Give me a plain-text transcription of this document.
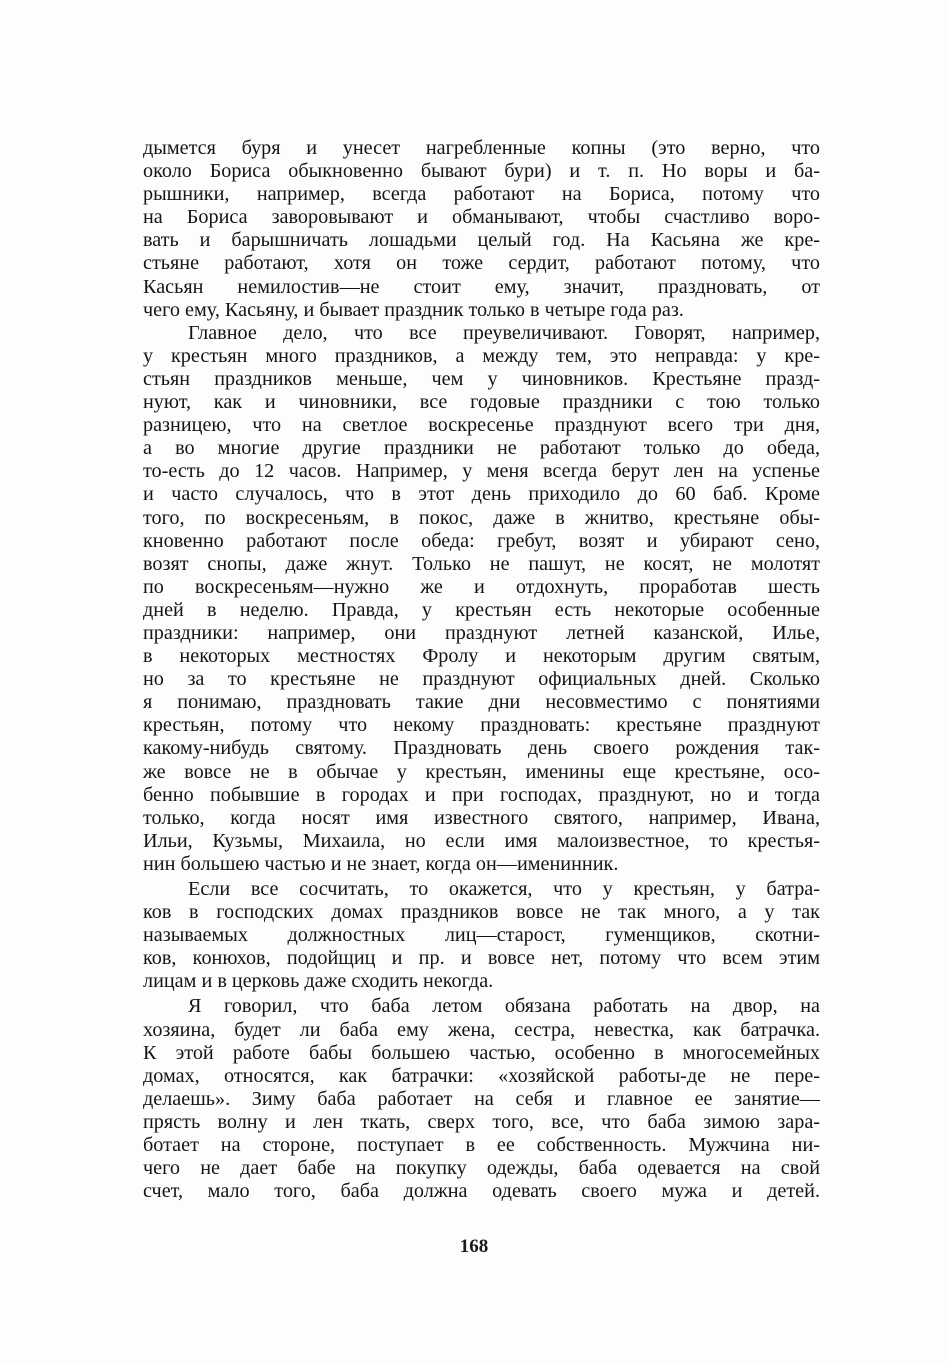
дымется буря и унесет нагребленные копны (это верно, что
около Бориса обыкновенно бывают бури) и т. п. Но воры и ба-
рышники, например, всегда работают на Бориса, потому что
на Бориса заворовывают и обманывают, чтобы счастливо воро-
вать и барышничать лошадьми целый год. На Касьяна же кре-
стьяне работают, хотя он тоже сердит, работают потому, что
Касьян немилостив—не стоит ему, значит, праздновать, от
чего ему, Касьяну, и бывает праздник только в четыре года раз.
Главное дело, что все преувеличивают. Говорят, например,
у крестьян много праздников, а между тем, это неправда: у кре-
стьян праздников меньше, чем у чиновников. Крестьяне празд-
нуют, как и чиновники, все годовые праздники с тою только
разницею, что на светлое воскресенье празднуют всего три дня,
а во многие другие праздники не работают только до обеда,
то-есть до 12 часов. Например, у меня всегда берут лен на успенье
и часто случалось, что в этот день приходило до 60 баб. Кроме
того, по воскресеньям, в покос, даже в жнитво, крестьяне обы-
кновенно работают после обеда: гребут, возят и убирают сено,
возят снопы, даже жнут. Только не пашут, не косят, не молотят
по воскресеньям—нужно же и отдохнуть, проработав шесть
дней в неделю. Правда, у крестьян есть некоторые особенные
праздники: например, они празднуют летней казанской, Илье,
в некоторых местностях Фролу и некоторым другим святым,
но за то крестьяне не празднуют официальных дней. Сколько
я понимаю, праздновать такие дни несовместимо с понятиями
крестьян, потому что некому праздновать: крестьяне празднуют
какому-нибудь святому. Праздновать день своего рождения так-
же вовсе не в обычае у крестьян, именины еще крестьяне, осо-
бенно побывшие в городах и при господах, празднуют, но и тогда
только, когда носят имя известного святого, например, Ивана,
Ильи, Кузьмы, Михаила, но если имя малоизвестное, то крестья-
нин большею частью и не знает, когда он—именинник.
Если все сосчитать, то окажется, что у крестьян, у батра-
ков в господских домах праздников вовсе не так много, а у так
называемых должностных лиц—старост, гуменщиков, скотни-
ков, конюхов, подойщиц и пр. и вовсе нет, потому что всем этим
лицам и в церковь даже сходить некогда.
Я говорил, что баба летом обязана работать на двор, на
хозяина, будет ли баба ему жена, сестра, невестка, как батрачка.
К этой работе бабы большею частью, особенно в многосемейных
домах, относятся, как батрачки: «хозяйской работы-де не пере-
делаешь». Зиму баба работает на себя и главное ее занятие—
прясть волну и лен ткать, сверх того, все, что баба зимою зара-
ботает на стороне, поступает в ее собственность. Мужчина ни-
чего не дает бабе на покупку одежды, баба одевается на свой
счет, мало того, баба должна одевать своего мужа и детей.
168
